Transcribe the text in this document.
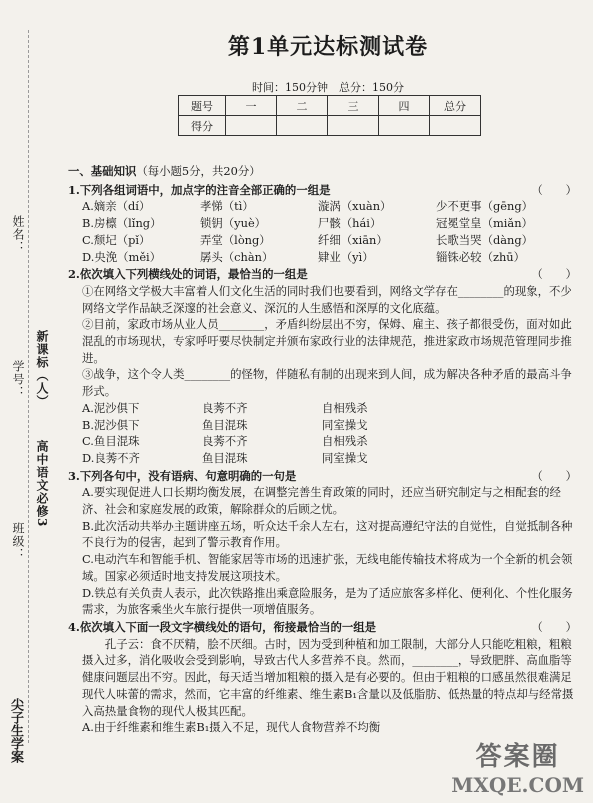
姓名：
学号： 新课标（人）
高中语文必修3
班级：
尖子生学案
第1单元达标测试卷
时间：150分钟　总分：150分
题号	一	二	三	四	总分
得分					
一、基础知识（每小题5分，共20分）
1.下列各组词语中，加点字的注音全部正确的一组是	（　　）
A.嫡亲（dí）	孝悌（tì）	漩涡（xuàn）	少不更事（gēng）
B.房檩（lǐng）	锁钥（yuè）	尸骸（hái）	冠冕堂皇（miǎn）
C.颓圮（pǐ）	弄堂（lòng）	纤细（xiān）	长歌当哭（dàng）
D.央浼（měi）	孱头（chàn）	肄业（yì）	锱铢必较（zhū）
2.依次填入下列横线处的词语，最恰当的一组是	（　　）
①在网络文学极大丰富着人们文化生活的同时我们也要看到，网络文学存在________的现象，不少网络文学作品缺乏深邃的社会意义、深沉的人生感悟和深厚的文化底蕴。
②目前，家政市场从业人员________，矛盾纠纷层出不穷，保姆、雇主、孩子都很受伤，面对如此混乱的市场现状，专家呼吁要尽快制定并颁布家政行业的法律规范，推进家政市场规范管理同步推进。
③战争，这个令人类________的怪物，伴随私有制的出现来到人间，成为解决各种矛盾的最高斗争形式。
A.泥沙俱下	良莠不齐	自相残杀
B.泥沙俱下	鱼目混珠	同室操戈
C.鱼目混珠	良莠不齐	自相残杀
D.良莠不齐	鱼目混珠	同室操戈
3.下列各句中，没有语病、句意明确的一句是	（　　）
A.要实现促进人口长期均衡发展，在调整完善生育政策的同时，还应当研究制定与之相配套的经济、社会和家庭发展的政策，解除群众的后顾之忧。
B.此次活动共举办主题讲座五场，听众达千余人左右，这对提高遵纪守法的自觉性，自觉抵制各种不良行为的侵害，起到了警示教育作用。
C.电动汽车和智能手机、智能家居等市场的迅速扩张，无线电能传输技术将成为一个全新的机会领域。国家必须适时地支持发展这项技术。
D.铁总有关负责人表示，此次铁路推出乘意险服务，是为了适应旅客多样化、便利化、个性化服务需求，为旅客乘坐火车旅行提供一项增值服务。
4.依次填入下面一段文字横线处的语句，衔接最恰当的一组是	（　　）
孔子云：食不厌精，脍不厌细。古时，因为受到种植和加工限制，大部分人只能吃粗粮，粗粮摄入过多，消化吸收会受到影响，导致古代人多营养不良。然而，________，导致肥胖、高血脂等健康问题层出不穷。因此，每天适当增加粗粮的摄入是有必要的。但由于粗粮的口感虽然很难满足现代人味蕾的需求，然而，它丰富的纤维素、维生素B₁含量以及低脂肪、低热量的特点却与经常摄入高热量食物的现代人极其匹配。
A.由于纤维素和维生素B₁摄入不足，现代人食物营养不均衡
答案圈
MXQE.COM
